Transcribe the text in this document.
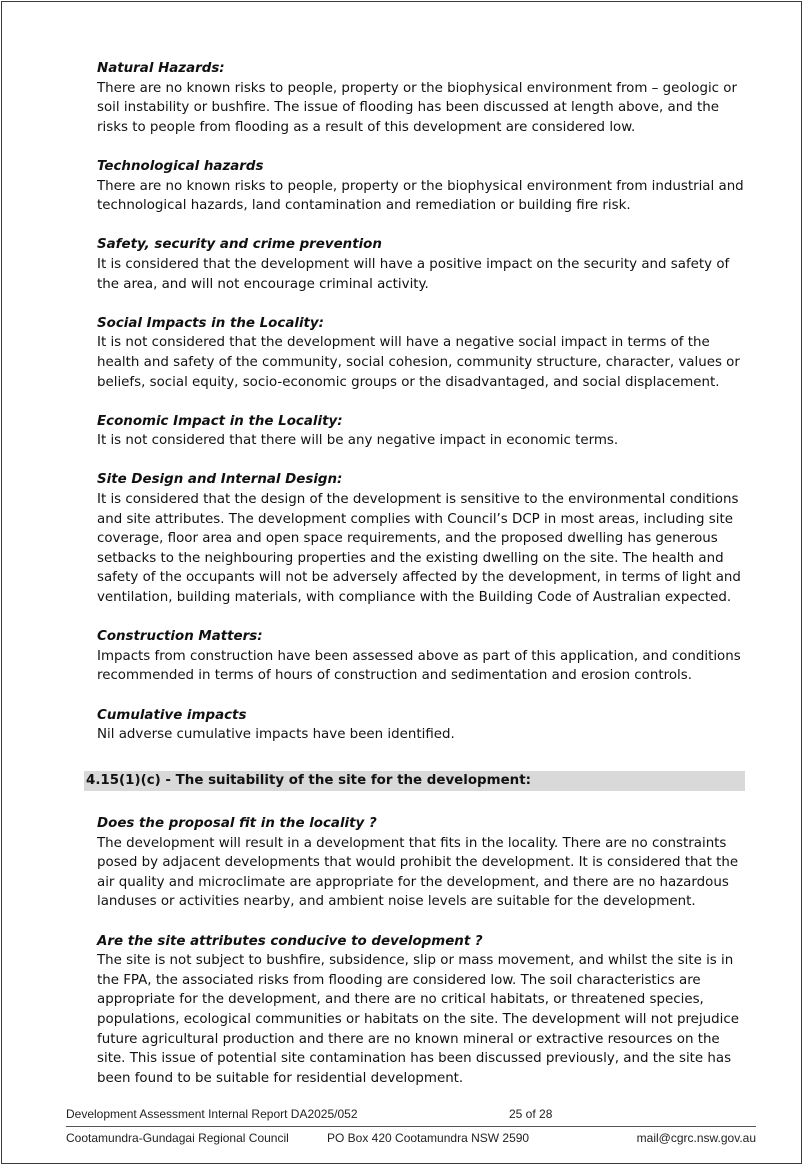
Natural Hazards:

There are no known risks to people, property or the biophysical environment from – geologic or soil instability or bushfire. The issue of flooding has been discussed at length above, and the risks to people from flooding as a result of this development are considered low.

Technological hazards

There are no known risks to people, property or the biophysical environment from industrial and technological hazards, land contamination and remediation or building fire risk.

Safety, security and crime prevention

It is considered that the development will have a positive impact on the security and safety of the area, and will not encourage criminal activity.

Social Impacts in the Locality:

It is not considered that the development will have a negative social impact in terms of the health and safety of the community, social cohesion, community structure, character, values or beliefs, social equity, socio-economic groups or the disadvantaged, and social displacement.

Economic Impact in the Locality:

It is not considered that there will be any negative impact in economic terms.

Site Design and Internal Design:

It is considered that the design of the development is sensitive to the environmental conditions and site attributes. The development complies with Council’s DCP in most areas, including site coverage, floor area and open space requirements, and the proposed dwelling has generous setbacks to the neighbouring properties and the existing dwelling on the site. The health and safety of the occupants will not be adversely affected by the development, in terms of light and ventilation, building materials, with compliance with the Building Code of Australian expected.

Construction Matters:

Impacts from construction have been assessed above as part of this application, and conditions recommended in terms of hours of construction and sedimentation and erosion controls.

Cumulative impacts

Nil adverse cumulative impacts have been identified.

4.15(1)(c) - The suitability of the site for the development:
Does the proposal fit in the locality ?

The development will result in a development that fits in the locality. There are no constraints posed by adjacent developments that would prohibit the development. It is considered that the air quality and microclimate are appropriate for the development, and there are no hazardous landuses or activities nearby, and ambient noise levels are suitable for the development.

Are the site attributes conducive to development ?

The site is not subject to bushfire, subsidence, slip or mass movement, and whilst the site is in the FPA, the associated risks from flooding are considered low. The soil characteristics are appropriate for the development, and there are no critical habitats, or threatened species, populations, ecological communities or habitats on the site. The development will not prejudice future agricultural production and there are no known mineral or extractive resources on the site. This issue of potential site contamination has been discussed previously, and the site has been found to be suitable for residential development.

Development Assessment Internal Report DA2025/052	25 of 28
Cootamundra-Gundagai Regional Council	PO Box 420 Cootamundra NSW 2590	mail@cgrc.nsw.gov.au
